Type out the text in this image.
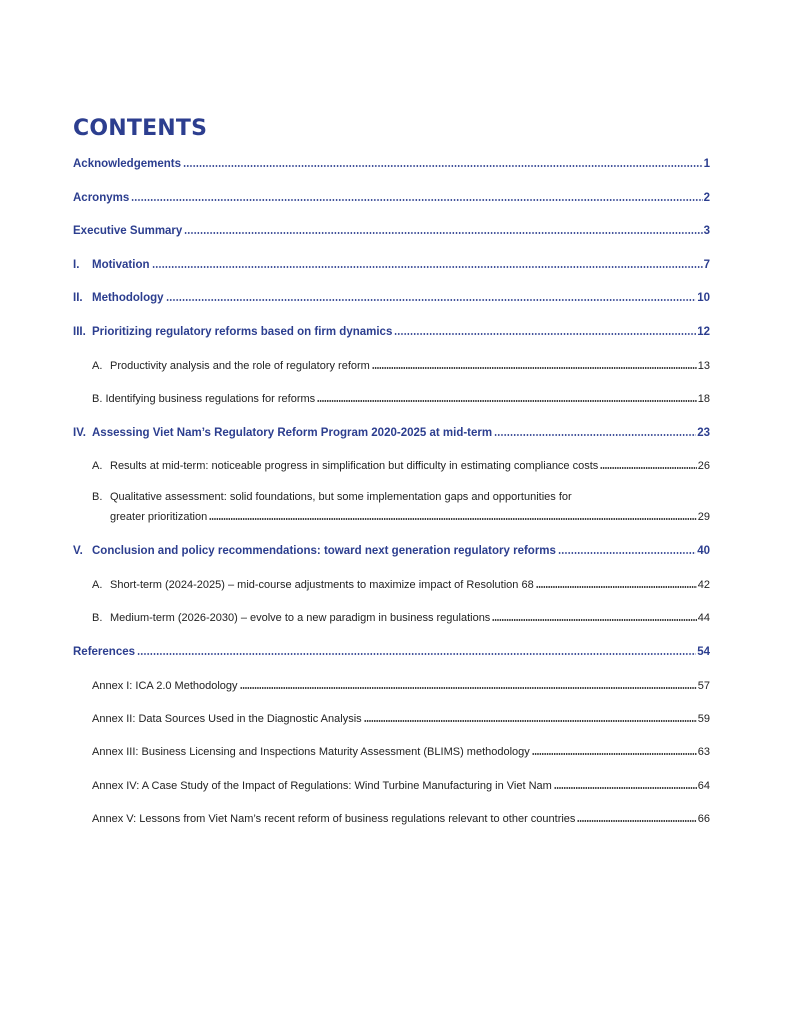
CONTENTS
Acknowledgements	1
Acronyms	2
Executive Summary	3
I.	Motivation	7
II. Methodology	10
III. Prioritizing regulatory reforms based on firm dynamics	12
A. Productivity analysis and the role of regulatory reform	13
B. Identifying business regulations for reforms	18
IV. Assessing Viet Nam’s Regulatory Reform Program 2020-2025 at mid-term	23
A. Results at mid-term: noticeable progress in simplification but difficulty in estimating compliance costs	26
B. Qualitative assessment: solid foundations, but some implementation gaps and opportunities for
greater prioritization	29
V. Conclusion and policy recommendations: toward next generation regulatory reforms	40
A. Short-term (2024-2025) – mid-course adjustments to maximize impact of Resolution 68	42
B. Medium-term (2026-2030) – evolve to a new paradigm in business regulations	44
References	54
Annex I: ICA 2.0 Methodology	57
Annex II: Data Sources Used in the Diagnostic Analysis	59
Annex III: Business Licensing and Inspections Maturity Assessment (BLIMS) methodology	63
Annex IV: A Case Study of the Impact of Regulations: Wind Turbine Manufacturing in Viet Nam	64
Annex V: Lessons from Viet Nam’s recent reform of business regulations relevant to other countries	66
